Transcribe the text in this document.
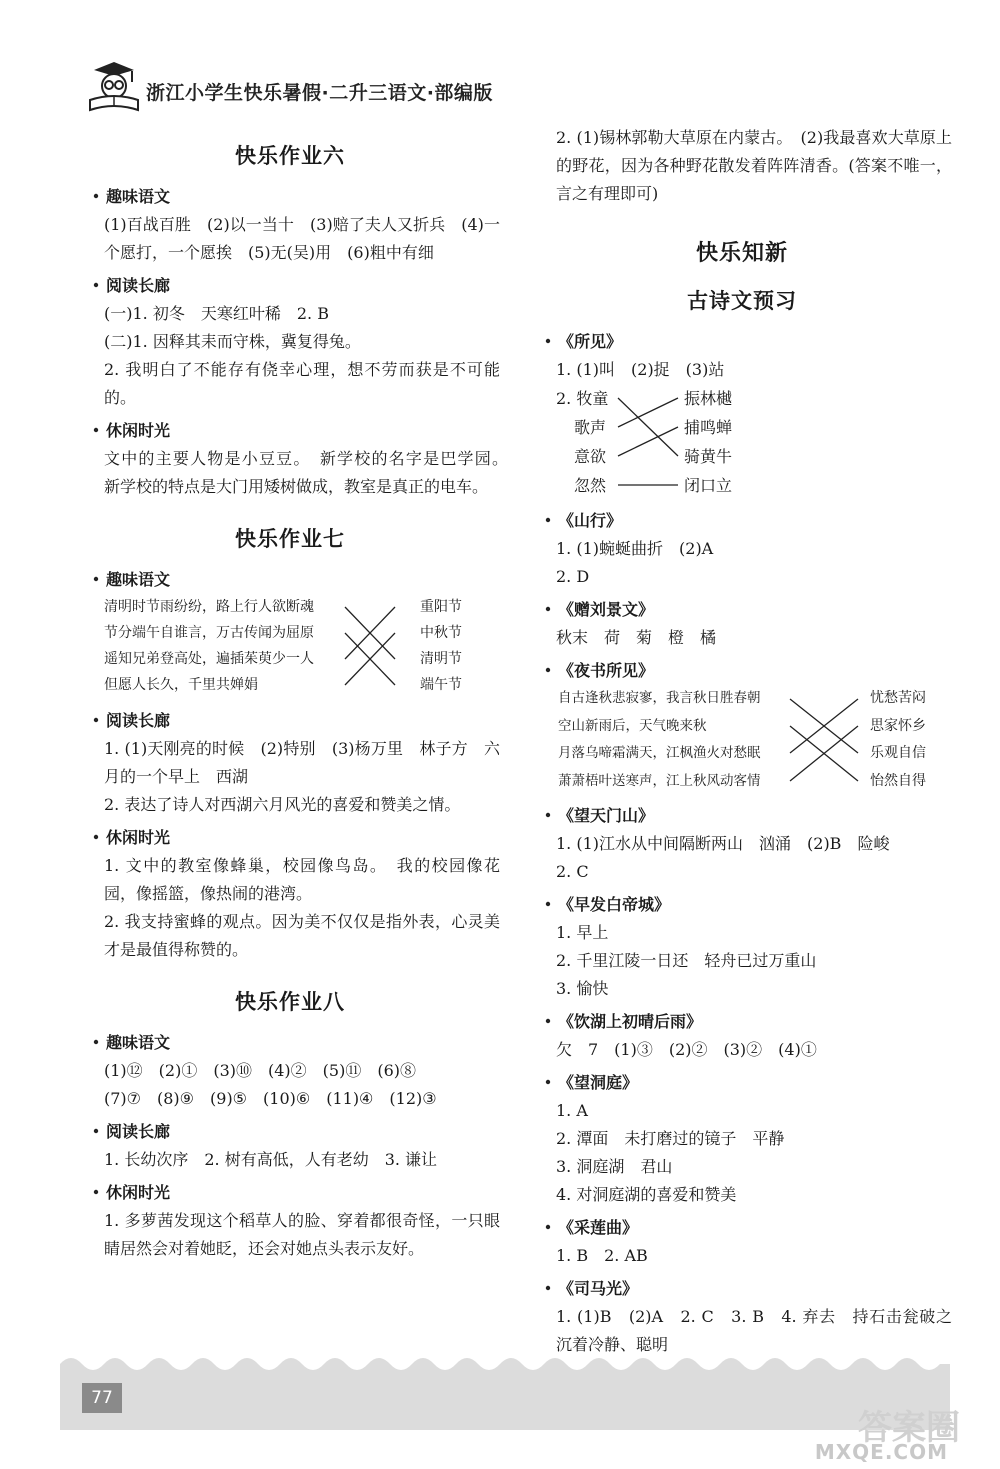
浙江小学生快乐暑假·二升三语文·部编版
快乐作业六
趣味语文
(1)百战百胜　(2)以一当十　(3)赔了夫人又折兵　(4)一个愿打，一个愿挨　(5)无(吴)用　(6)粗中有细
阅读长廊
(一)1. 初冬　天寒红叶稀　2. B
(二)1. 因释其耒而守株，冀复得兔。
2. 我明白了不能存有侥幸心理，想不劳而获是不可能的。
休闲时光
文中的主要人物是小豆豆。　新学校的名字是巴学园。　新学校的特点是大门用矮树做成，教室是真正的电车。
快乐作业七
趣味语文
清明时节雨纷纷，路上行人欲断魂
节分端午自谁言，万古传闻为屈原
遥知兄弟登高处，遍插茱萸少一人
但愿人长久，千里共婵娟
重阳节
中秋节
清明节
端午节
阅读长廊
1. (1)天刚亮的时候　(2)特别　(3)杨万里　林子方　六月的一个早上　西湖
2. 表达了诗人对西湖六月风光的喜爱和赞美之情。
休闲时光
1. 文中的教室像蜂巢，校园像鸟岛。　我的校园像花园，像摇篮，像热闹的港湾。
2. 我支持蜜蜂的观点。因为美不仅仅是指外表，心灵美才是最值得称赞的。
快乐作业八
趣味语文
(1)⑫　(2)①　(3)⑩　(4)②　(5)⑪　(6)⑧
(7)⑦　(8)⑨　(9)⑤　(10)⑥　(11)④　(12)③
阅读长廊
1. 长幼次序　2. 树有高低，人有老幼　3. 谦让
休闲时光
1. 多萝茜发现这个稻草人的脸、穿着都很奇怪，一只眼睛居然会对着她眨，还会对她点头表示友好。
2. (1)锡林郭勒大草原在内蒙古。　(2)我最喜欢大草原上的野花，因为各种野花散发着阵阵清香。(答案不唯一，言之有理即可)
快乐知新
古诗文预习
《所见》
1. (1)叫　(2)捉　(3)站
2. 牧童
歌声
意欲
忽然
振林樾
捕鸣蝉
骑黄牛
闭口立
《山行》
1. (1)蜿蜒曲折　(2)A
2. D
《赠刘景文》
秋末　荷　菊　橙　橘
《夜书所见》
自古逢秋悲寂寥，我言秋日胜春朝
空山新雨后，天气晚来秋
月落乌啼霜满天，江枫渔火对愁眠
萧萧梧叶送寒声，江上秋风动客情
忧愁苦闷
思家怀乡
乐观自信
怡然自得
《望天门山》
1. (1)江水从中间隔断两山　汹涌　(2)B　险峻
2. C
《早发白帝城》
1. 早上
2. 千里江陵一日还　轻舟已过万重山
3. 愉快
《饮湖上初晴后雨》
欠　7　(1)③　(2)②　(3)②　(4)①
《望洞庭》
1. A
2. 潭面　未打磨过的镜子　平静
3. 洞庭湖　君山
4. 对洞庭湖的喜爱和赞美
《采莲曲》
1. B　2. AB
《司马光》
1. (1)B　(2)A　2. C　3. B　4. 弃去　持石击瓮破之　沉着冷静、聪明
77
答案圈
MXQE.COM
